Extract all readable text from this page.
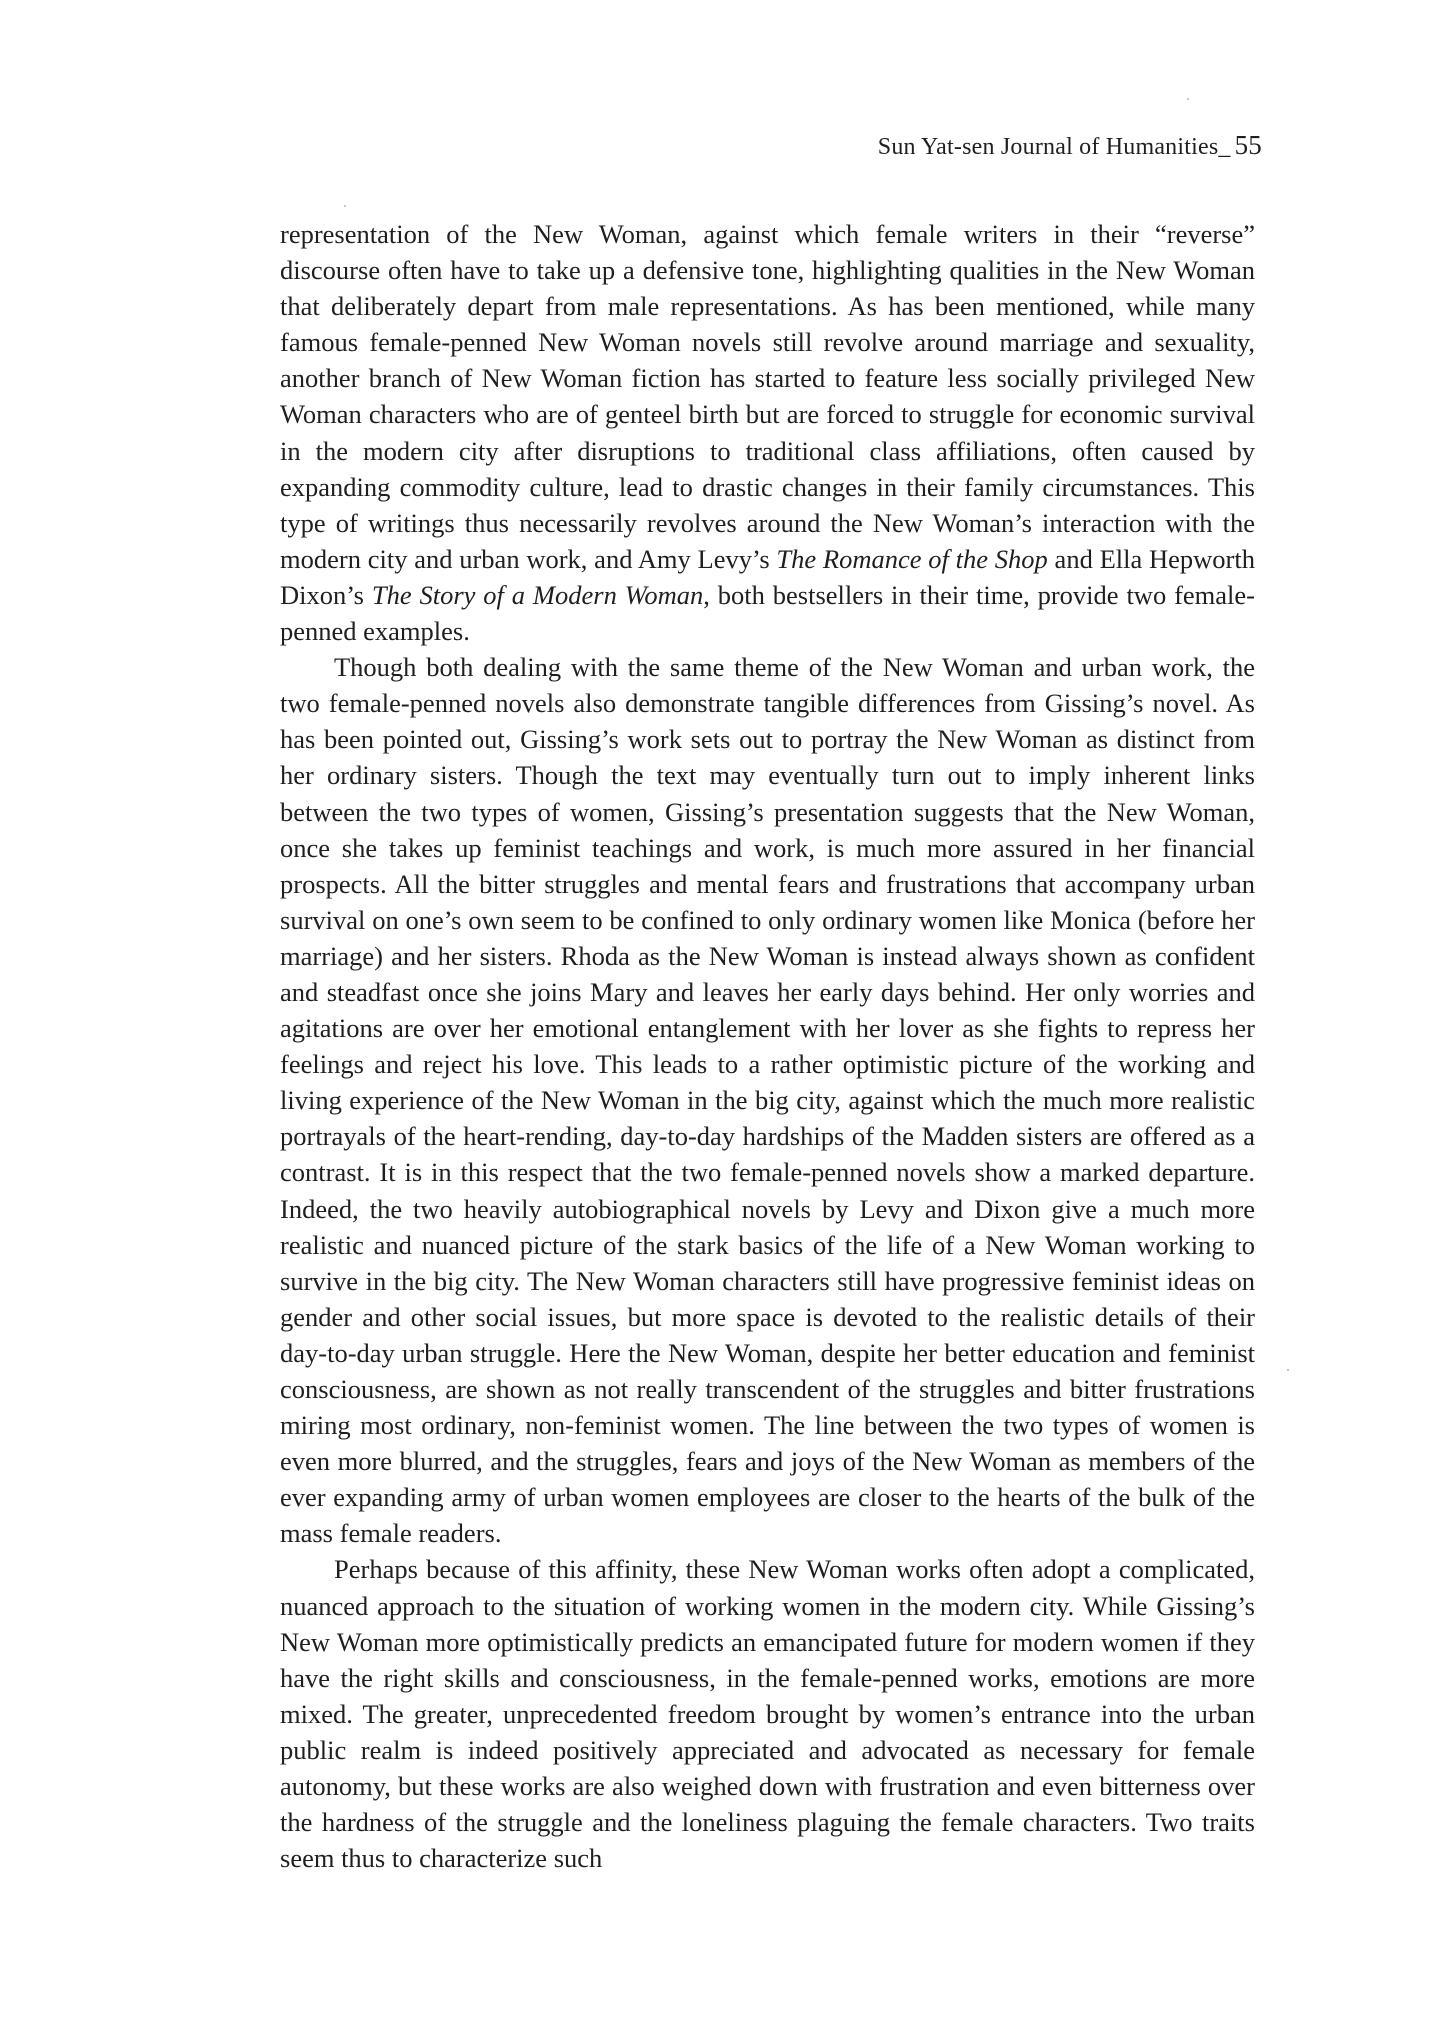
Sun Yat-sen Journal of Humanities_ 55

representation of the New Woman, against which female writers in their “reverse” discourse often have to take up a defensive tone, highlighting qualities in the New Woman that deliberately depart from male representations. As has been mentioned, while many famous female-penned New Woman novels still revolve around marriage and sexuality, another branch of New Woman fiction has started to feature less socially privileged New Woman characters who are of genteel birth but are forced to struggle for economic survival in the modern city after disruptions to traditional class affiliations, often caused by expanding commodity culture, lead to drastic changes in their family circumstances. This type of writings thus necessarily revolves around the New Woman’s interaction with the modern city and urban work, and Amy Levy’s The Romance of the Shop and Ella Hepworth Dixon’s The Story of a Modern Woman, both bestsellers in their time, provide two female-penned examples.

Though both dealing with the same theme of the New Woman and urban work, the two female-penned novels also demonstrate tangible differences from Gissing’s novel. As has been pointed out, Gissing’s work sets out to portray the New Woman as distinct from her ordinary sisters. Though the text may eventually turn out to imply inherent links between the two types of women, Gissing’s presentation suggests that the New Woman, once she takes up feminist teachings and work, is much more assured in her financial prospects. All the bitter struggles and mental fears and frustrations that accompany urban survival on one’s own seem to be confined to only ordinary women like Monica (before her marriage) and her sisters. Rhoda as the New Woman is instead always shown as confident and steadfast once she joins Mary and leaves her early days behind. Her only worries and agitations are over her emotional entanglement with her lover as she fights to repress her feelings and reject his love. This leads to a rather optimistic picture of the working and living experience of the New Woman in the big city, against which the much more realistic portrayals of the heart-rending, day-to-day hardships of the Madden sisters are offered as a contrast. It is in this respect that the two female-penned novels show a marked departure. Indeed, the two heavily autobiographical novels by Levy and Dixon give a much more realistic and nuanced picture of the stark basics of the life of a New Woman working to survive in the big city. The New Woman characters still have progressive feminist ideas on gender and other social issues, but more space is devoted to the realistic details of their day-to-day urban struggle. Here the New Woman, despite her better education and feminist consciousness, are shown as not really transcendent of the struggles and bitter frustrations miring most ordinary, non-feminist women. The line between the two types of women is even more blurred, and the struggles, fears and joys of the New Woman as members of the ever expanding army of urban women employees are closer to the hearts of the bulk of the mass female readers.

Perhaps because of this affinity, these New Woman works often adopt a complicated, nuanced approach to the situation of working women in the modern city. While Gissing’s New Woman more optimistically predicts an emancipated future for modern women if they have the right skills and consciousness, in the female-penned works, emotions are more mixed. The greater, unprecedented freedom brought by women’s entrance into the urban public realm is indeed positively appreciated and advocated as necessary for female autonomy, but these works are also weighed down with frustration and even bitterness over the hardness of the struggle and the loneliness plaguing the female characters. Two traits seem thus to characterize such
